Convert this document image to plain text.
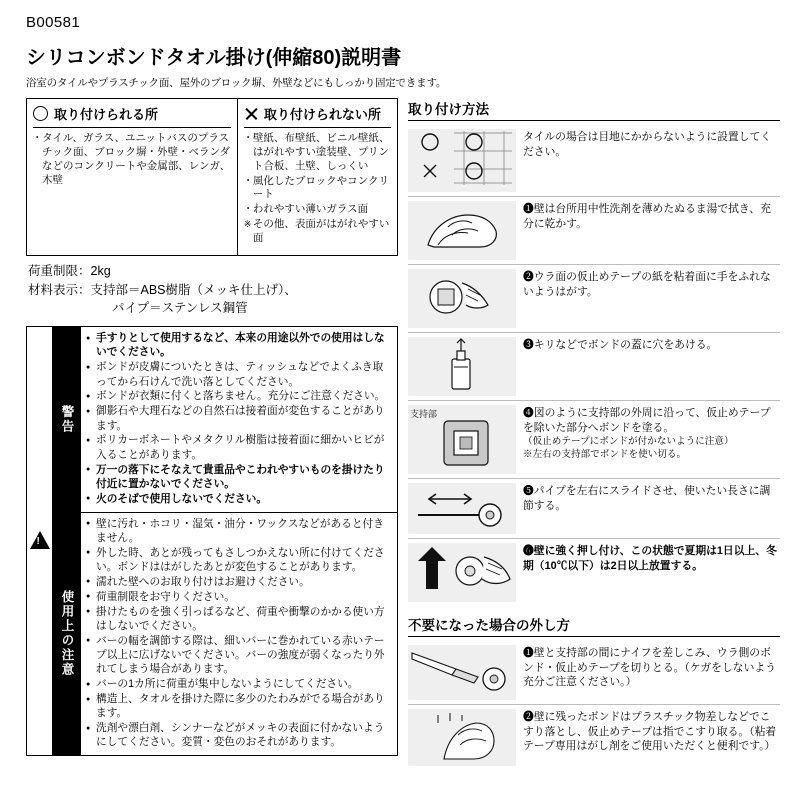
B00581
シリコンボンドタオル掛け(伸縮80)説明書
浴室のタイルやプラスチック面、屋外のブロック塀、外壁などにもしっかり固定できます。
取り付けられる所
・ タイル、ガラス、ユニットバスのプラスチック面、ブロック塀・外壁・ベランダなどのコンクリートや金属部、レンガ、木壁
取り付けられない所
・ 壁紙、布壁紙、ビニル壁紙、はがれやすい塗装壁、プリント合板、土壁、しっくい
・ 風化したブロックやコンクリート
・ われやすい薄いガラス面
※ その他、表面がはがれやすい面
荷重制限：2kg
材料表示：支持部＝ABS樹脂（メッキ仕上げ）、
パイプ＝ステンレス鋼管
!
警告
● 手すりとして使用するなど、本来の用途以外での使用はしないでください。
● ボンドが皮膚についたときは、ティッシュなどでよくふき取ってから石けんで洗い落としてください。
● ボンドが衣類に付くと落ちません。充分にご注意ください。
● 御影石や大理石などの自然石は接着面が変色することがあります。
● ポリカーボネートやメタクリル樹脂は接着面に細かいヒビが入ることがあります。
● 万一の落下にそなえて貴重品やこわれやすいものを掛けたり付近に置かないでください。
● 火のそばで使用しないでください。
使用上の注意
● 壁に汚れ・ホコリ・湿気・油分・ワックスなどがあると付きません。
● 外した時、あとが残ってもさしつかえない所に付けてください。ボンドははがしたあとが変色することがあります。
● 濡れた壁へのお取り付けはお避けください。
● 荷重制限をお守りください。
● 掛けたものを強く引っぱるなど、荷重や衝撃のかかる使い方はしないでください。
● バーの幅を調節する際は、細いバーに巻かれている赤いテープ以上に広げないでください。バーの強度が弱くなったり外れてしまう場合があります。
● バーの1カ所に荷重が集中しないようにしてください。
● 構造上、タオルを掛けた際に多少のたわみがでる場合があります。
● 洗剤や漂白剤、シンナーなどがメッキの表面に付かないようにしてください。変質・変色のおそれがあります。
取り付け方法
タイルの場合は目地にかからないように設置してください。
❶壁は台所用中性洗剤を薄めたぬるま湯で拭き、充分に乾かす。
❷ウラ面の仮止めテープの紙を粘着面に手をふれないようはがす。
❸キリなどでボンドの蓋に穴をあける。
支持部	❹図のように支持部の外周に沿って、仮止めテープを除いた部分へボンドを塗る。
（仮止めテープにボンドが付かないように注意）
※左右の支持部でボンドを使い切る。
❺パイプを左右にスライドさせ、使いたい長さに調節する。
❻壁に強く押し付け、この状態で夏期は1日以上、冬期（10℃以下）は2日以上放置する。
不要になった場合の外し方
❶壁と支持部の間にナイフを差しこみ、ウラ側のボンド・仮止めテープを切りとる。（ケガをしないよう充分ご注意ください。）
❷壁に残ったボンドはプラスチック物差しなどでこすり落とし、仮止めテープは指でこすり取る。（粘着テープ専用はがし剤をご使用いただくと便利です。）
